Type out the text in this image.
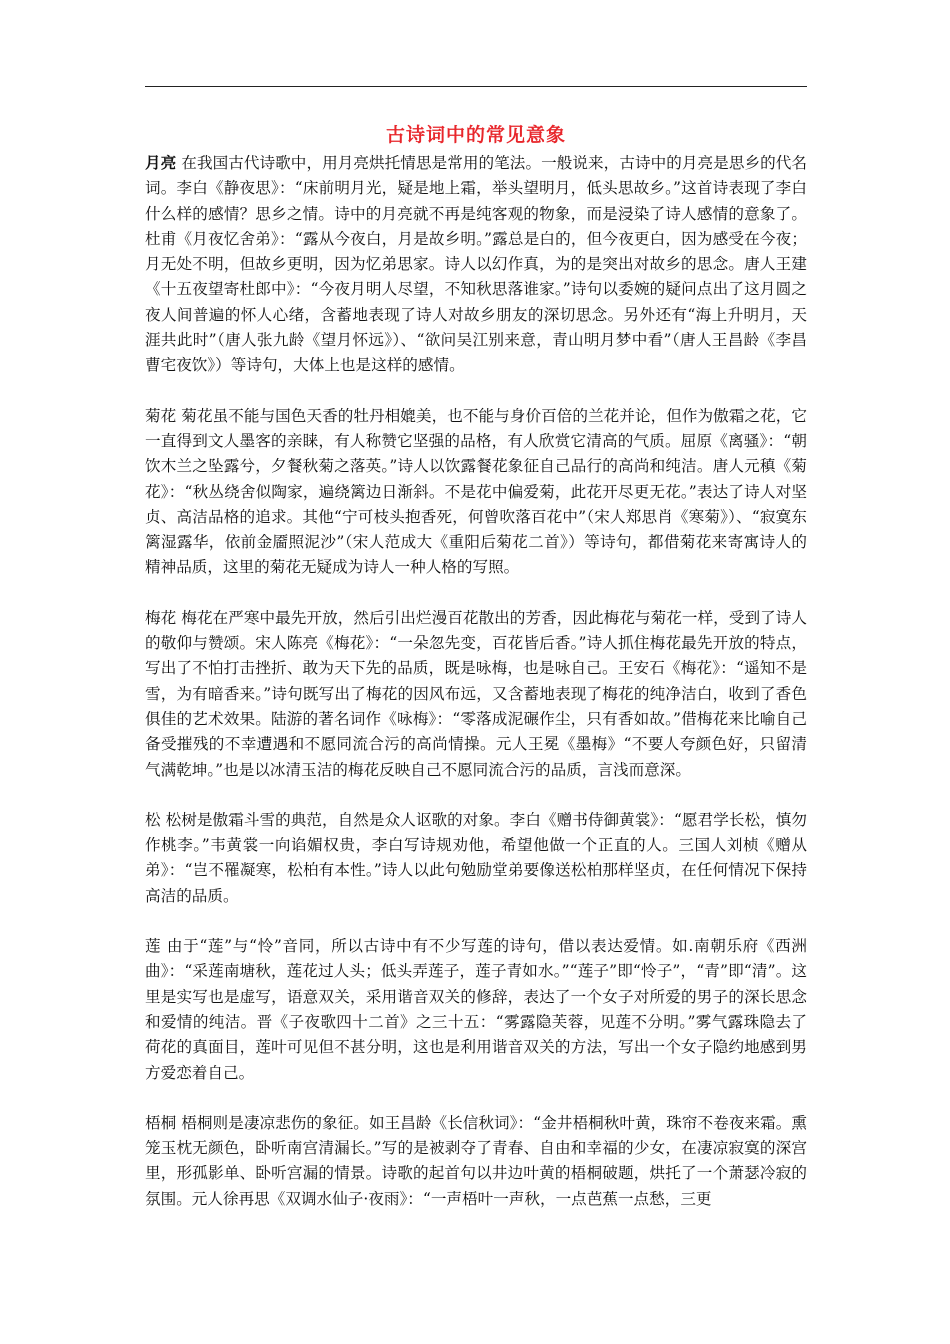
古诗词中的常见意象

月亮 在我国古代诗歌中，用月亮烘托情思是常用的笔法。一般说来，古诗中的月亮是思乡的代名词。李白《静夜思》：“床前明月光，疑是地上霜，举头望明月，低头思故乡。”这首诗表现了李白什么样的感情？思乡之情。诗中的月亮就不再是纯客观的物象，而是浸染了诗人感情的意象了。杜甫《月夜忆舍弟》：“露从今夜白，月是故乡明。”露总是白的，但今夜更白，因为感受在今夜；月无处不明，但故乡更明，因为忆弟思家。诗人以幻作真，为的是突出对故乡的思念。唐人王建《十五夜望寄杜郎中》：“今夜月明人尽望，不知秋思落谁家。”诗句以委婉的疑问点出了这月圆之夜人间普遍的怀人心绪，含蓄地表现了诗人对故乡朋友的深切思念。另外还有“海上升明月，天涯共此时”（唐人张九龄《望月怀远》）、“欲问吴江别来意，青山明月梦中看”（唐人王昌龄《李昌曹宅夜饮》）等诗句，大体上也是这样的感情。

菊花 菊花虽不能与国色天香的牡丹相媲美，也不能与身价百倍的兰花并论，但作为傲霜之花，它一直得到文人墨客的亲睐，有人称赞它坚强的品格，有人欣赏它清高的气质。屈原《离骚》：“朝饮木兰之坠露兮，夕餐秋菊之落英。”诗人以饮露餐花象征自己品行的高尚和纯洁。唐人元稹《菊花》：“秋丛绕舍似陶家，遍绕篱边日渐斜。不是花中偏爱菊，此花开尽更无花。”表达了诗人对坚贞、高洁品格的追求。其他“宁可枝头抱香死，何曾吹落百花中”（宋人郑思肖《寒菊》）、“寂寞东篱湿露华，依前金靥照泥沙”（宋人范成大《重阳后菊花二首》）等诗句，都借菊花来寄寓诗人的精神品质，这里的菊花无疑成为诗人一种人格的写照。

梅花 梅花在严寒中最先开放，然后引出烂漫百花散出的芳香，因此梅花与菊花一样，受到了诗人的敬仰与赞颂。宋人陈亮《梅花》：“一朵忽先变，百花皆后香。”诗人抓住梅花最先开放的特点，写出了不怕打击挫折、敢为天下先的品质，既是咏梅，也是咏自己。王安石《梅花》：“遥知不是雪，为有暗香来。”诗句既写出了梅花的因风布远，又含蓄地表现了梅花的纯净洁白，收到了香色俱佳的艺术效果。陆游的著名词作《咏梅》：“零落成泥碾作尘，只有香如故。”借梅花来比喻自己备受摧残的不幸遭遇和不愿同流合污的高尚情操。元人王冕《墨梅》“不要人夸颜色好，只留清气满乾坤。”也是以冰清玉洁的梅花反映自己不愿同流合污的品质，言浅而意深。

松 松树是傲霜斗雪的典范，自然是众人讴歌的对象。李白《赠书侍御黄裳》：“愿君学长松，慎勿作桃李。”韦黄裳一向谄媚权贵，李白写诗规劝他，希望他做一个正直的人。三国人刘桢《赠从弟》：“岂不罹凝寒，松柏有本性。”诗人以此句勉励堂弟要像送松柏那样坚贞，在任何情况下保持高洁的品质。

莲 由于“莲”与“怜”音同，所以古诗中有不少写莲的诗句，借以表达爱情。如.南朝乐府《西洲曲》：“采莲南塘秋，莲花过人头；低头弄莲子，莲子青如水。”“莲子”即“怜子”，“青”即“清”。这里是实写也是虚写，语意双关，采用谐音双关的修辞，表达了一个女子对所爱的男子的深长思念和爱情的纯洁。晋《子夜歌四十二首》之三十五：“雾露隐芙蓉，见莲不分明。”雾气露珠隐去了荷花的真面目，莲叶可见但不甚分明，这也是利用谐音双关的方法，写出一个女子隐约地感到男方爱恋着自己。

梧桐 梧桐则是凄凉悲伤的象征。如王昌龄《长信秋词》：“金井梧桐秋叶黄，珠帘不卷夜来霜。熏笼玉枕无颜色，卧听南宫清漏长。”写的是被剥夺了青春、自由和幸福的少女，在凄凉寂寞的深宫里，形孤影单、卧听宫漏的情景。诗歌的起首句以井边叶黄的梧桐破题，烘托了一个萧瑟冷寂的氛围。元人徐再思《双调水仙子·夜雨》：“一声梧叶一声秋，一点芭蕉一点愁，三更
